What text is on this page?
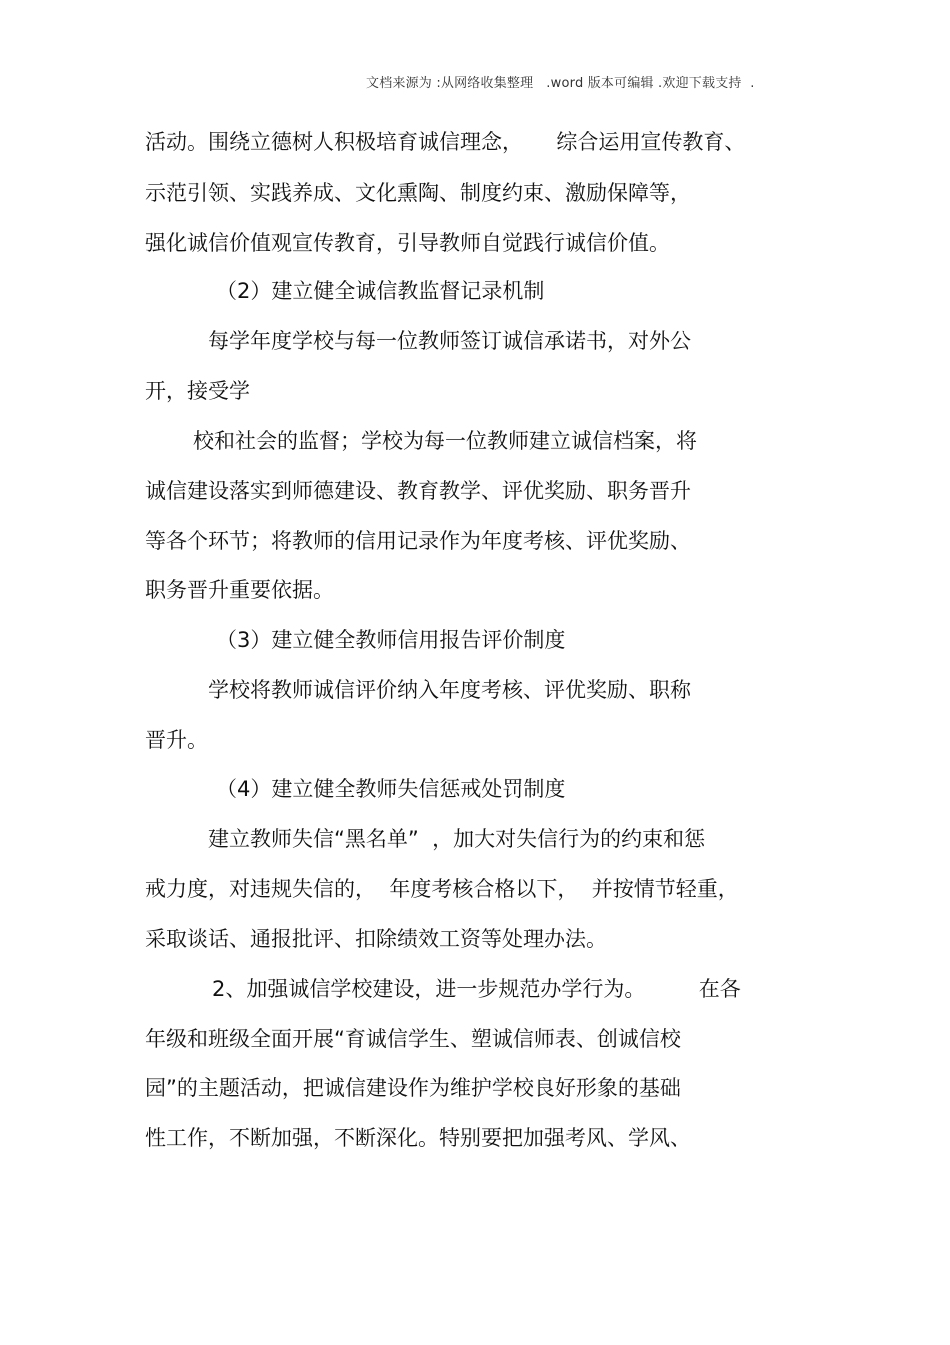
文档来源为 :从网络收集整理   .word 版本可编辑 .欢迎下载支持  .
活动。围绕立德树人积极培育诚信理念，     综合运用宣传教育、
示范引领、实践养成、文化熏陶、制度约束、激励保障等，
强化诚信价值观宣传教育，引导教师自觉践行诚信价值。
（2）建立健全诚信教监督记录机制
每学年度学校与每一位教师签订诚信承诺书，对外公
开，接受学
校和社会的监督；学校为每一位教师建立诚信档案，将
诚信建设落实到师德建设、教育教学、评优奖励、职务晋升
等各个环节；将教师的信用记录作为年度考核、评优奖励、
职务晋升重要依据。
（3）建立健全教师信用报告评价制度
学校将教师诚信评价纳入年度考核、评优奖励、职称
晋升。
（4）建立健全教师失信惩戒处罚制度
建立教师失信“黑名单”  ，加大对失信行为的约束和惩
戒力度，对违规失信的，  年度考核合格以下，  并按情节轻重，
采取谈话、通报批评、扣除绩效工资等处理办法。
2、加强诚信学校建设，进一步规范办学行为。        在各
年级和班级全面开展“育诚信学生、塑诚信师表、创诚信校
园”的主题活动，把诚信建设作为维护学校良好形象的基础
性工作，不断加强，不断深化。特别要把加强考风、学风、
